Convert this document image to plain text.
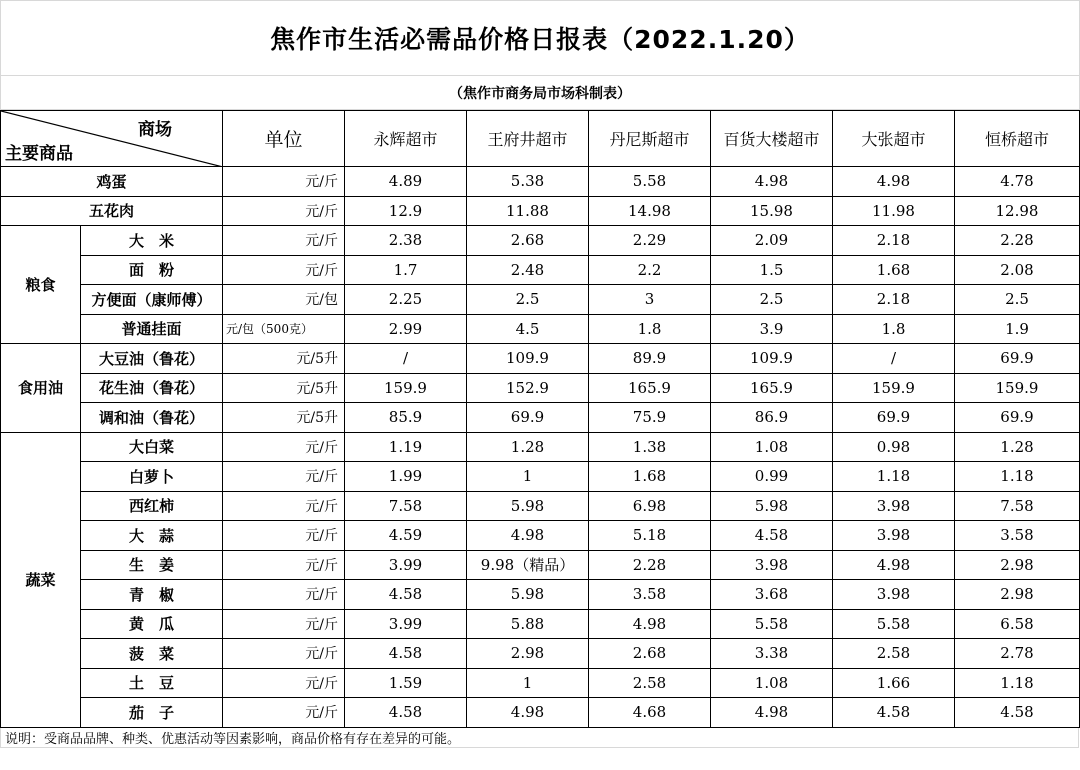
焦作市生活必需品价格日报表（2022.1.20）
（焦作市商务局市场科制表）
商场
主要商品		单位	永辉超市	王府井超市	丹尼斯超市	百货大楼超市	大张超市	恒桥超市
鸡蛋		元/斤	4.89	5.38	5.58	4.98	4.98	4.78
五花肉		元/斤	12.9	11.88	14.98	15.98	11.98	12.98
粮食	大　米	元/斤	2.38	2.68	2.29	2.09	2.18	2.28
	面　粉	元/斤	1.7	2.48	2.2	1.5	1.68	2.08
	方便面（康师傅）	元/包	2.25	2.5	3	2.5	2.18	2.5
	普通挂面	元/包（500克）	2.99	4.5	1.8	3.9	1.8	1.9
食用油	大豆油（鲁花）	元/5升	/	109.9	89.9	109.9	/	69.9
	花生油（鲁花）	元/5升	159.9	152.9	165.9	165.9	159.9	159.9
	调和油（鲁花）	元/5升	85.9	69.9	75.9	86.9	69.9	69.9
蔬菜	大白菜	元/斤	1.19	1.28	1.38	1.08	0.98	1.28
	白萝卜	元/斤	1.99	1	1.68	0.99	1.18	1.18
	西红柿	元/斤	7.58	5.98	6.98	5.98	3.98	7.58
	大　蒜	元/斤	4.59	4.98	5.18	4.58	3.98	3.58
	生　姜	元/斤	3.99	9.98（精品）	2.28	3.98	4.98	2.98
	青　椒	元/斤	4.58	5.98	3.58	3.68	3.98	2.98
	黄　瓜	元/斤	3.99	5.88	4.98	5.58	5.58	6.58
	菠　菜	元/斤	4.58	2.98	2.68	3.38	2.58	2.78
	土　豆	元/斤	1.59	1	2.58	1.08	1.66	1.18
	茄　子	元/斤	4.58	4.98	4.68	4.98	4.58	4.58
说明：受商品品牌、种类、优惠活动等因素影响，商品价格有存在差异的可能。
